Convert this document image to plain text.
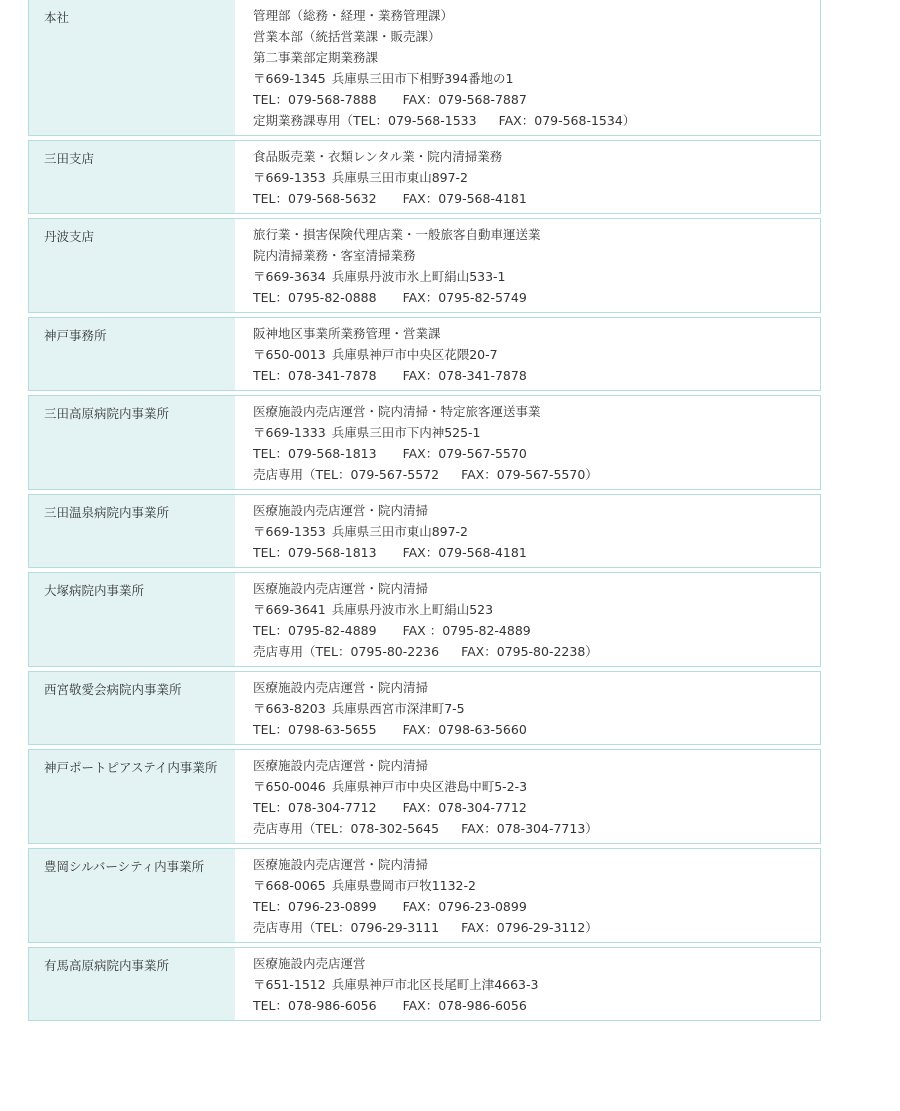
本社	管理部（総務・経理・業務管理課）
営業本部（統括営業課・販売課）
第二事業部定期業務課
〒669-1345 兵庫県三田市下相野394番地の1
TEL：079-568-7888 FAX：079-568-7887
定期業務課専用（TEL：079-568-1533 FAX：079-568-1534）
三田支店	食品販売業・衣類レンタル業・院内清掃業務
〒669-1353 兵庫県三田市東山897-2
TEL：079-568-5632 FAX：079-568-4181
丹波支店	旅行業・損害保険代理店業・一般旅客自動車運送業
院内清掃業務・客室清掃業務
〒669-3634 兵庫県丹波市氷上町絹山533-1
TEL：0795-82-0888 FAX：0795-82-5749
神戸事務所	阪神地区事業所業務管理・営業課
〒650-0013 兵庫県神戸市中央区花隈20-7
TEL：078-341-7878 FAX：078-341-7878
三田高原病院内事業所	医療施設内売店運営・院内清掃・特定旅客運送事業
〒669-1333 兵庫県三田市下内神525-1
TEL：079-568-1813 FAX：079-567-5570
売店専用（TEL：079-567-5572 FAX：079-567-5570）
三田温泉病院内事業所	医療施設内売店運営・院内清掃
〒669-1353 兵庫県三田市東山897-2
TEL：079-568-1813 FAX：079-568-4181
大塚病院内事業所	医療施設内売店運営・院内清掃
〒669-3641 兵庫県丹波市氷上町絹山523
TEL：0795-82-4889 FAX ：0795-82-4889
売店専用（TEL：0795-80-2236 FAX：0795-80-2238）
西宮敬愛会病院内事業所	医療施設内売店運営・院内清掃
〒663-8203 兵庫県西宮市深津町7-5
TEL：0798-63-5655 FAX：0798-63-5660
神戸ポートピアステイ内事業所	医療施設内売店運営・院内清掃
〒650-0046 兵庫県神戸市中央区港島中町5-2-3
TEL：078-304-7712 FAX：078-304-7712
売店専用（TEL：078-302-5645 FAX：078-304-7713）
豊岡シルバーシティ内事業所	医療施設内売店運営・院内清掃
〒668-0065 兵庫県豊岡市戸牧1132-2
TEL：0796-23-0899 FAX：0796-23-0899
売店専用（TEL：0796-29-3111 FAX：0796-29-3112）
有馬高原病院内事業所	医療施設内売店運営
〒651-1512 兵庫県神戸市北区長尾町上津4663-3
TEL：078-986-6056 FAX：078-986-6056
